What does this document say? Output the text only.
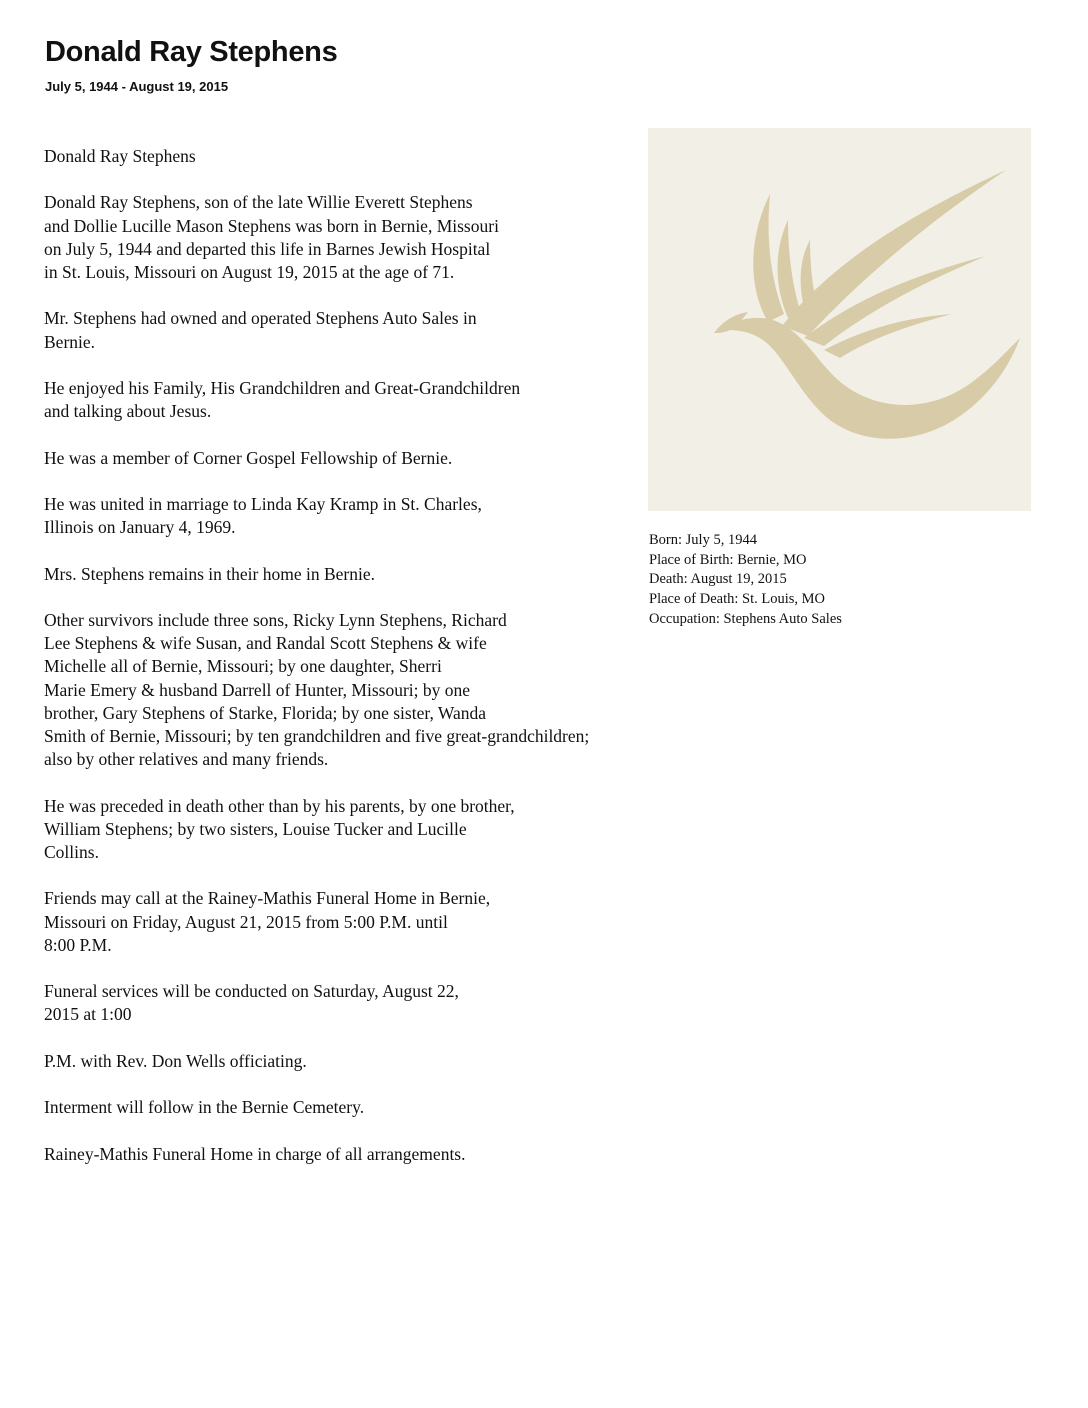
Donald Ray Stephens
July 5, 1944 - August 19, 2015

Donald Ray Stephens

Donald Ray Stephens, son of the late Willie Everett Stephens
and Dollie Lucille Mason Stephens was born in Bernie, Missouri
on July 5, 1944 and departed this life in Barnes Jewish Hospital
in St. Louis, Missouri on August 19, 2015 at the age of 71.

Mr. Stephens had owned and operated Stephens Auto Sales in
Bernie.

He enjoyed his Family, His Grandchildren and Great-Grandchildren
and talking about Jesus.

He was a member of Corner Gospel Fellowship of Bernie.

He was united in marriage to Linda Kay Kramp in St. Charles,
Illinois on January 4, 1969.

Mrs. Stephens remains in their home in Bernie.

Other survivors include three sons, Ricky Lynn Stephens, Richard
Lee Stephens & wife Susan, and Randal Scott Stephens & wife
Michelle all of Bernie, Missouri; by one daughter, Sherri
Marie Emery & husband Darrell of Hunter, Missouri; by one
brother, Gary Stephens of Starke, Florida; by one sister, Wanda
Smith of Bernie, Missouri; by ten grandchildren and five great-grandchildren;
also by other relatives and many friends.

He was preceded in death other than by his parents, by one brother,
William Stephens; by two sisters, Louise Tucker and Lucille
Collins.

Friends may call at the Rainey-Mathis Funeral Home in Bernie,
Missouri on Friday, August 21, 2015 from 5:00 P.M. until
8:00 P.M.

Funeral services will be conducted on Saturday, August 22,
2015 at 1:00

P.M. with Rev. Don Wells officiating.

Interment will follow in the Bernie Cemetery.

Rainey-Mathis Funeral Home in charge of all arrangements.

Born: July 5, 1944
Place of Birth: Bernie, MO
Death: August 19, 2015
Place of Death: St. Louis, MO
Occupation: Stephens Auto Sales
